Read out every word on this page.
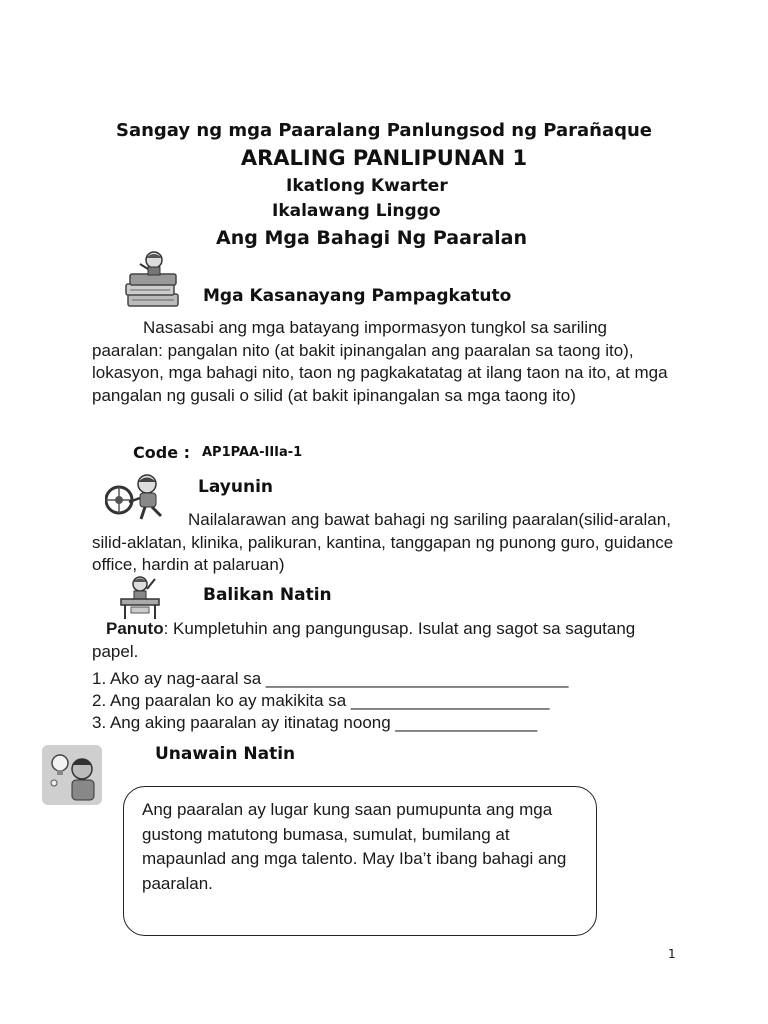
Sangay ng mga Paaralang Panlungsod ng Parañaque
ARALING PANLIPUNAN 1
Ikatlong Kwarter
Ikalawang Linggo
Ang Mga Bahagi Ng Paaralan
Mga Kasanayang Pampagkatuto
Nasasabi ang mga batayang impormasyon tungkol sa sariling paaralan: pangalan nito (at bakit ipinangalan ang paaralan sa taong ito), lokasyon, mga bahagi nito, taon ng pagkakatatag at ilang taon na ito, at mga pangalan ng gusali o silid (at bakit ipinangalan sa mga taong ito)
Code : AP1PAA-IIIa-1
Layunin
Nailalarawan ang bawat bahagi ng sariling paaralan(silid-aralan, silid-aklatan, klinika, palikuran, kantina, tanggapan ng punong guro, guidance office, hardin at palaruan)
Balikan Natin
Panuto: Kumpletuhin ang pangungusap. Isulat ang sagot sa sagutang papel.
1. Ako ay nag-aaral sa ________________________________
2. Ang paaralan ko ay makikita sa _____________________
3. Ang aking paaralan ay itinatag noong _______________
Unawain Natin
Ang paaralan ay lugar kung saan pumupunta ang mga gustong matutong bumasa, sumulat, bumilang at mapaunlad ang mga talento. May Iba’t ibang bahagi ang paaralan.
1
